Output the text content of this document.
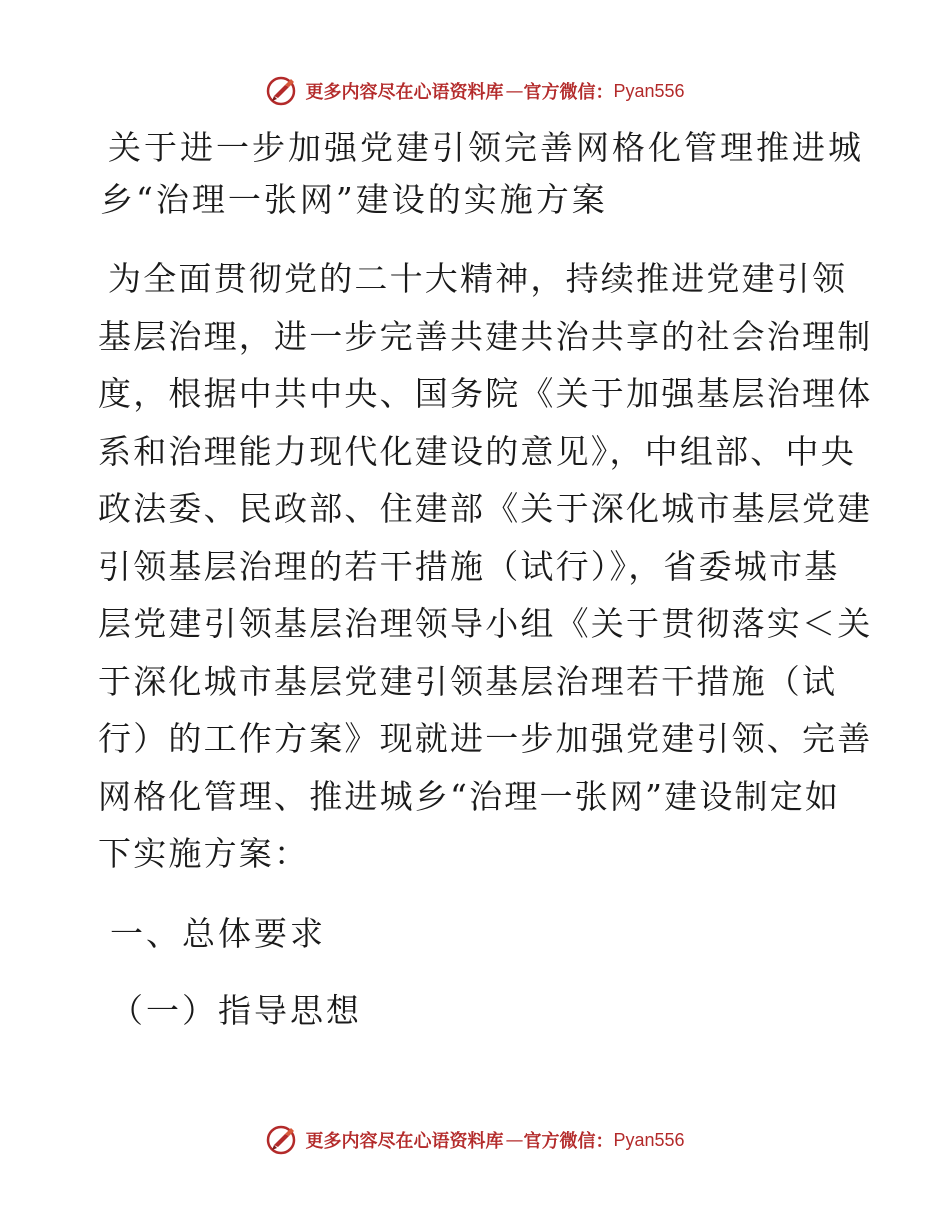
更多内容尽在心语资料库 — 官方微信： Pyan556

关于进一步加强党建引领完善网格化管理推进城

乡“治理一张网”建设的实施方案

为全面贯彻党的二十大精神，持续推进党建引领

基层治理，进一步完善共建共治共享的社会治理制

度，根据中共中央、国务院《关于加强基层治理体

系和治理能力现代化建设的意见》，中组部、中央

政法委、民政部、住建部《关于深化城市基层党建

引领基层治理的若干措施（试行）》，省委城市基

层党建引领基层治理领导小组《关于贯彻落实＜关

于深化城市基层党建引领基层治理若干措施（试

行）的工作方案》现就进一步加强党建引领、完善

网格化管理、推进城乡“治理一张网”建设制定如

下实施方案：

一、总体要求
（一）指导思想
更多内容尽在心语资料库 — 官方微信： Pyan556
